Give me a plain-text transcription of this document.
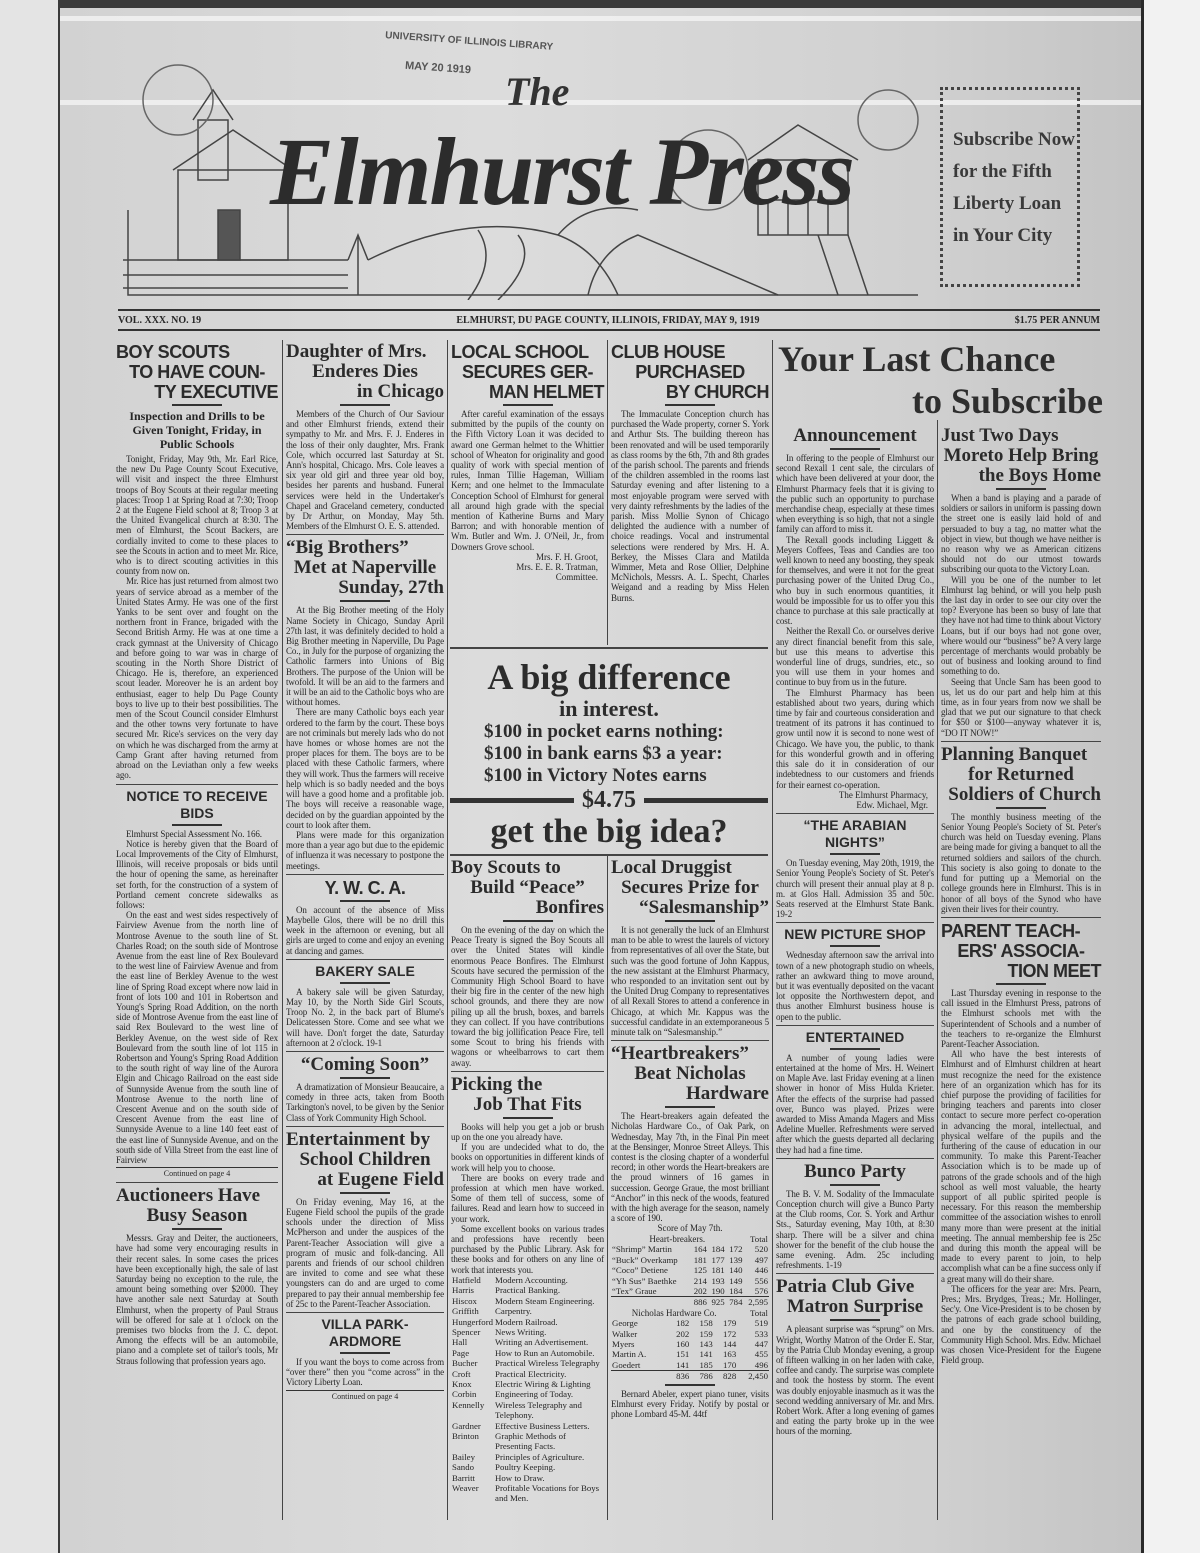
UNIVERSITY OF ILLINOIS LIBRARY
MAY 20 1919
The
Elmhurst Press	Subscribe Now
for the Fifth
Liberty Loan
in Your City
VOL. XXX. NO. 19	ELMHURST, DU PAGE COUNTY, ILLINOIS, FRIDAY, MAY 9, 1919	$1.75 PER ANNUM
Your Last Chance
to Subscribe
A big difference
in interest.
$100 in pocket earns nothing:
$100 in bank earns $3 a year:
$100 in Victory Notes earns
$4.75
get the big idea?
BOY SCOUTS
TO HAVE COUN-
TY EXECUTIVE
Inspection and Drills to be Given Tonight, Friday, in Public Schools

Tonight, Friday, May 9th, Mr. Earl Rice, the new Du Page County Scout Executive, will visit and inspect the three Elmhurst troops of Boy Scouts at their regular meeting places: Troop 1 at Spring Road at 7:30; Troop 2 at the Eugene Field school at 8; Troop 3 at the United Evangelical church at 8:30. The men of Elmhurst, the Scout Backers, are cordially invited to come to these places to see the Scouts in action and to meet Mr. Rice, who is to direct scouting activities in this county from now on.

Mr. Rice has just returned from almost two years of service abroad as a member of the United States Army. He was one of the first Yanks to be sent over and fought on the northern front in France, brigaded with the Second British Army. He was at one time a crack gymnast at the University of Chicago and before going to war was in charge of scouting in the North Shore District of Chicago. He is, therefore, an experienced scout leader. Moreover he is an ardent boy enthusiast, eager to help Du Page County boys to live up to their best possibilities. The men of the Scout Council consider Elmhurst and the other towns very fortunate to have secured Mr. Rice's services on the very day on which he was discharged from the army at Camp Grant after having returned from abroad on the Leviathan only a few weeks ago.

NOTICE TO RECEIVE BIDS

Elmhurst Special Assessment No. 166.

Notice is hereby given that the Board of Local Improvements of the City of Elmhurst, Illinois, will receive proposals or bids until the hour of opening the same, as hereinafter set forth, for the construction of a system of Portland cement concrete sidewalks as follows:

On the east and west sides respectively of Fairview Avenue from the north line of Montrose Avenue to the south line of St. Charles Road; on the south side of Montrose Avenue from the east line of Rex Boulevard to the west line of Fairview Avenue and from the east line of Berkley Avenue to the west line of Spring Road except where now laid in front of lots 100 and 101 in Robertson and Young's Spring Road Addition, on the north side of Montrose Avenue from the east line of said Rex Boulevard to the west line of Berkley Avenue, on the west side of Rex Boulevard from the south line of lot 115 in Robertson and Young's Spring Road Addition to the south right of way line of the Aurora Elgin and Chicago Railroad on the east side of Sunnyside Avenue from the south line of Montrose Avenue to the north line of Crescent Avenue and on the south side of Crescent Avenue from the east line of Sunnyside Avenue to a line 140 feet east of the east line of Sunnyside Avenue, and on the south side of Villa Street from the east line of Fairview

Continued on page 4
Auctioneers Have
Busy Season

Messrs. Gray and Deiter, the auctioneers, have had some very encouraging results in their recent sales. In some cases the prices have been exceptionally high, the sale of last Saturday being no exception to the rule, the amount being something over $2000. They have another sale next Saturday at South Elmhurst, when the property of Paul Straus will be offered for sale at 1 o'clock on the premises two blocks from the J. C. depot. Among the effects will be an automobile, piano and a complete set of tailor's tools, Mr Straus following that profession years ago.

Daughter of Mrs.
Enderes Dies
in Chicago

Members of the Church of Our Saviour and other Elmhurst friends, extend their sympathy to Mr. and Mrs. F. J. Enderes in the loss of their only daughter, Mrs. Frank Cole, which occurred last Saturday at St. Ann's hospital, Chicago. Mrs. Cole leaves a six year old girl and three year old boy, besides her parents and husband. Funeral services were held in the Undertaker's Chapel and Graceland cemetery, conducted by Dr Arthur, on Monday, May 5th. Members of the Elmhurst O. E. S. attended.

“Big Brothers”
Met at Naperville
Sunday, 27th

At the Big Brother meeting of the Holy Name Society in Chicago, Sunday April 27th last, it was definitely decided to hold a Big Brother meeting in Naperville, Du Page Co., in July for the purpose of organizing the Catholic farmers into Unions of Big Brothers. The purpose of the Union will be twofold. It will be an aid to the farmers and it will be an aid to the Catholic boys who are without homes.

There are many Catholic boys each year ordered to the farm by the court. These boys are not criminals but merely lads who do not have homes or whose homes are not the proper places for them. The boys are to be placed with these Catholic farmers, where they will work. Thus the farmers will receive help which is so badly needed and the boys will have a good home and a profitable job. The boys will receive a reasonable wage, decided on by the guardian appointed by the court to look after them.

Plans were made for this organization more than a year ago but due to the epidemic of influenza it was necessary to postpone the meetings.

Y. W. C. A.

On account of the absence of Miss Maybelle Glos, there will be no drill this week in the afternoon or evening, but all girls are urged to come and enjoy an evening at dancing and games.

BAKERY SALE

A bakery sale will be given Saturday, May 10, by the North Side Girl Scouts, Troop No. 2, in the back part of Blume's Delicatessen Store. Come and see what we will have. Don't forget the date, Saturday afternoon at 2 o'clock. 19-1

“Coming Soon”

A dramatization of Monsieur Beaucaire, a comedy in three acts, taken from Booth Tarkington's novel, to be given by the Senior Class of York Community High School.

Entertainment by
School Children
at Eugene Field

On Friday evening, May 16, at the Eugene Field school the pupils of the grade schools under the direction of Miss McPherson and under the auspices of the Parent-Teacher Association will give a program of music and folk-dancing. All parents and friends of our school children are invited to come and see what these youngsters can do and are urged to come prepared to pay their annual membership fee of 25c to the Parent-Teacher Association.

VILLA PARK-ARDMORE

If you want the boys to come across from “over there” then you “come across” in the Victory Liberty Loan.

Continued on page 4
LOCAL SCHOOL
SECURES GER-
MAN HELMET

After careful examination of the essays submitted by the pupils of the county on the Fifth Victory Loan it was decided to award one German helmet to the Whittier school of Wheaton for originality and good quality of work with special mention of rules, Inman Tillie Hageman, William Kern; and one helmet to the Immaculate Conception School of Elmhurst for general all around high grade with the special mention of Katherine Burns and Mary Barron; and with honorable mention of Wm. Butler and Wm. J. O'Neil, Jr., from Downers Grove school.

Mrs. F. H. Groot,
Mrs. E. E. R. Tratman,
Committee.
Boy Scouts to
Build “Peace”
Bonfires

On the evening of the day on which the Peace Treaty is signed the Boy Scouts all over the United States will kindle enormous Peace Bonfires. The Elmhurst Scouts have secured the permission of the Community High School Board to have their big fire in the center of the new high school grounds, and there they are now piling up all the brush, boxes, and barrels they can collect. If you have contributions toward the big jollification Peace Fire, tell some Scout to bring his friends with wagons or wheelbarrows to cart them away.

Picking the
Job That Fits

Books will help you get a job or brush up on the one you already have.

If you are undecided what to do, the books on opportunities in different kinds of work will help you to choose.

There are books on every trade and profession at which men have worked. Some of them tell of success, some of failures. Read and learn how to succeed in your work.

Some excellent books on various trades and professions have recently been purchased by the Public Library. Ask for these books and for others on any line of work that interests you.

Hatfield	Modern Accounting.
Harris	Practical Banking.
Hiscox	Modern Steam Engineering.
Griffith	Carpentry.
Hungerford	Modern Railroad.
Spencer	News Writing.
Hall	Writing an Advertisement.
Page	How to Run an Automobile.
Bucher	Practical Wireless Telegraphy
Croft	Practical Electricity.
Knox	Electric Wiring & Lighting
Corbin	Engineering of Today.
Kennelly	Wireless Telegraphy and Telephony.
Gardner	Effective Business Letters.
Brinton	Graphic Methods of Presenting Facts.
Bailey	Principles of Agriculture.
Sando	Poultry Keeping.
Barritt	How to Draw.
Weaver	Profitable Vocations for Boys and Men.
CLUB HOUSE
PURCHASED
BY CHURCH

The Immaculate Conception church has purchased the Wade property, corner S. York and Arthur Sts. The building thereon has been renovated and will be used temporarily as class rooms by the 6th, 7th and 8th grades of the parish school. The parents and friends of the children assembled in the rooms last Saturday evening and after listening to a most enjoyable program were served with very dainty refreshments by the ladies of the parish. Miss Mollie Synon of Chicago delighted the audience with a number of choice readings. Vocal and instrumental selections were rendered by Mrs. H. A. Berkey, the Misses Clara and Matilda Wimmer, Meta and Rose Ollier, Delphine McNichols, Messrs. A. L. Specht, Charles Weigand and a reading by Miss Helen Burns.

Local Druggist
Secures Prize for
“Salesmanship”

It is not generally the luck of an Elmhurst man to be able to wrest the laurels of victory from representatives of all over the State, but such was the good fortune of John Kappus, the new assistant at the Elmhurst Pharmacy, who responded to an invitation sent out by the United Drug Company to representatives of all Rexall Stores to attend a conference in Chicago, at which Mr. Kappus was the successful candidate in an extemporaneous 5 minute talk on “Salesmanship.”

“Heartbreakers”
Beat Nicholas
Hardware

The Heart-breakers again defeated the Nicholas Hardware Co., of Oak Park, on Wednesday, May 7th, in the Final Pin meet at the Bensinger, Monroe Street Alleys. This contest is the closing chapter of a wonderful record; in other words the Heart-breakers are the proud winners of 16 games in succession. George Graue, the most brilliant “Anchor” in this neck of the woods, featured with the high average for the season, namely a score of 190.

Score of May 7th.
Heart-breakers.				Total
“Shrimp” Martin	164	184	172	520
“Buck” Overkamp	181	177	139	497
“Coco” Detiene	125	181	140	446
“Yh Sus” Baethke	214	193	149	556
“Tex” Graue	202	190	184	576
	886	925	784	2,595
Nicholas Hardware Co.				Total
George	182	158	179	519
Walker	202	159	172	533
Myers	160	143	144	447
Martin A.	151	141	163	455
Goedert	141	185	170	496
	836	786	828	2,450

Bernard Abeler, expert piano tuner, visits Elmhurst every Friday. Notify by postal or phone Lombard 45-M. 44tf

Announcement

In offering to the people of Elmhurst our second Rexall 1 cent sale, the circulars of which have been delivered at your door, the Elmhurst Pharmacy feels that it is giving to the public such an opportunity to purchase merchandise cheap, especially at these times when everything is so high, that not a single family can afford to miss it.

The Rexall goods including Liggett & Meyers Coffees, Teas and Candies are too well known to need any boosting, they speak for themselves, and were it not for the great purchasing power of the United Drug Co., who buy in such enormous quantities, it would be impossible for us to offer you this chance to purchase at this sale practically at cost.

Neither the Rexall Co. or ourselves derive any direct financial benefit from this sale, but use this means to advertise this wonderful line of drugs, sundries, etc., so you will use them in your homes and continue to buy from us in the future.

The Elmhurst Pharmacy has been established about two years, during which time by fair and courteous consideration and treatment of its patrons it has continued to grow until now it is second to none west of Chicago. We have you, the public, to thank for this wonderful growth and in offering this sale do it in consideration of our indebtedness to our customers and friends for their earnest co-operation.

The Elmhurst Pharmacy,
Edw. Michael, Mgr.
“THE ARABIAN NIGHTS”

On Tuesday evening, May 20th, 1919, the Senior Young People's Society of St. Peter's church will present their annual play at 8 p. m. at Glos Hall. Admission 35 and 50c. Seats reserved at the Elmhurst State Bank. 19-2

NEW PICTURE SHOP

Wednesday afternoon saw the arrival into town of a new photograph studio on wheels, rather an awkward thing to move around, but it was eventually deposited on the vacant lot opposite the Northwestern depot, and thus another Elmhurst business house is open to the public.

ENTERTAINED

A number of young ladies were entertained at the home of Mrs. H. Weinert on Maple Ave. last Friday evening at a linen shower in honor of Miss Hulda Krieter. After the effects of the surprise had passed over, Bunco was played. Prizes were awarded to Miss Amanda Magers and Miss Adeline Mueller. Refreshments were served after which the guests departed all declaring they had had a fine time.

Bunco Party

The B. V. M. Sodality of the Immaculate Conception church will give a Bunco Party at the Club rooms, Cor. S. York and Arthur Sts., Saturday evening, May 10th, at 8:30 sharp. There will be a silver and china shower for the benefit of the club house the same evening. Adm. 25c including refreshments. 1-19

Patria Club Give
Matron Surprise

A pleasant surprise was “sprung” on Mrs. Wright, Worthy Matron of the Order E. Star, by the Patria Club Monday evening, a group of fifteen walking in on her laden with cake, coffee and candy. The surprise was complete and took the hostess by storm. The event was doubly enjoyable inasmuch as it was the second wedding anniversary of Mr. and Mrs. Robert Work. After a long evening of games and eating the party broke up in the wee hours of the morning.

Just Two Days
Moreto Help Bring
the Boys Home

When a band is playing and a parade of soldiers or sailors in uniform is passing down the street one is easily laid hold of and persuaded to buy a tag, no matter what the object in view, but though we have neither is no reason why we as American citizens should not do our utmost towards subscribing our quota to the Victory Loan.

Will you be one of the number to let Elmhurst lag behind, or will you help push the last day in order to see our city over the top? Everyone has been so busy of late that they have not had time to think about Victory Loans, but if our boys had not gone over, where would our “business” be? A very large percentage of merchants would probably be out of business and looking around to find something to do.

Seeing that Uncle Sam has been good to us, let us do our part and help him at this time, as in four years from now we shall be glad that we put our signature to that check for $50 or $100—anyway whatever it is, “DO IT NOW!”

Planning Banquet
for Returned
Soldiers of Church

The monthly business meeting of the Senior Young People's Society of St. Peter's church was held on Tuesday evening. Plans are being made for giving a banquet to all the returned soldiers and sailors of the church. This society is also going to donate to the fund for putting up a Memorial on the college grounds here in Elmhurst. This is in honor of all boys of the Synod who have given their lives for their country.

PARENT TEACH-
ERS' ASSOCIA-
TION MEET

Last Thursday evening in response to the call issued in the Elmhurst Press, patrons of the Elmhurst schools met with the Superintendent of Schools and a number of the teachers to re-organize the Elmhurst Parent-Teacher Association.

All who have the best interests of Elmhurst and of Elmhurst children at heart must recognize the need for the existence here of an organization which has for its chief purpose the providing of facilities for bringing teachers and parents into closer contact to secure more perfect co-operation in advancing the moral, intellectual, and physical welfare of the pupils and the furthering of the cause of education in our community. To make this Parent-Teacher Association which is to be made up of patrons of the grade schools and of the high school as well most valuable, the hearty support of all public spirited people is necessary. For this reason the membership committee of the association wishes to enroll many more than were present at the initial meeting. The annual membership fee is 25c and during this month the appeal will be made to every parent to join, to help accomplish what can be a fine success only if a great many will do their share.

The officers for the year are: Mrs. Pearn, Pres.; Mrs. Brydges, Treas.; Mr. Hollinger, Sec'y. One Vice-President is to be chosen by the patrons of each grade school building, and one by the constituency of the Community High School. Mrs. Edw. Michael was chosen Vice-President for the Eugene Field group.
